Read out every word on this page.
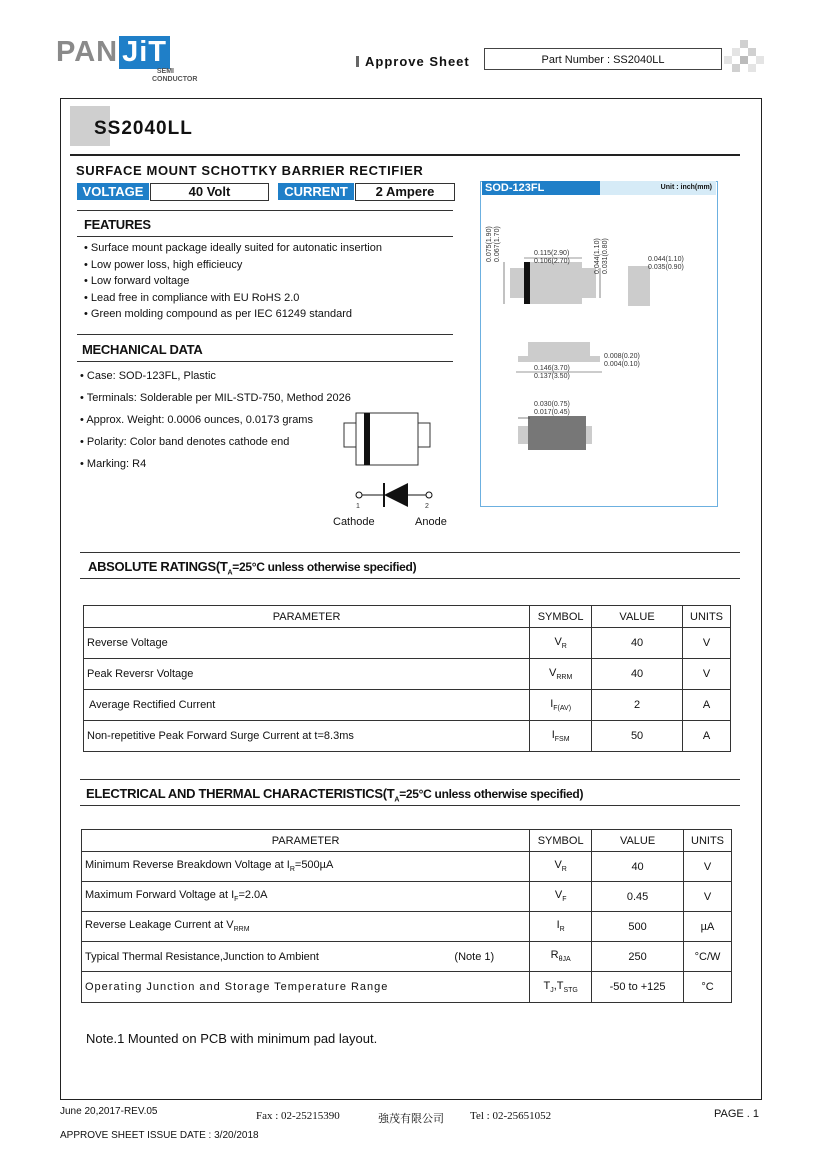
PAN JiT
SEMI CONDUCTOR
Approve Sheet	Part Number : SS2040LL
SS2040LL
SURFACE MOUNT SCHOTTKY BARRIER RECTIFIER
VOLTAGE	40 Volt	CURRENT	2 Ampere
FEATURES
• Surface mount package ideally suited for autonatic insertion
• Low power loss, high efficieucy
• Low forward voltage
• Lead free in compliance with EU RoHS 2.0
• Green molding compound as per IEC 61249 standard
MECHANICAL DATA
• Case: SOD-123FL, Plastic
• Terminals: Solderable per MIL-STD-750, Method 2026
• Approx. Weight: 0.0006 ounces, 0.0173 grams
• Polarity: Color band denotes cathode end
• Marking: R4
1	2
Cathode	Anode
SOD-123FL	Unit : inch(mm)
0.115(2.90)
0.106(2.70)
0.075(1.90) 0.067(1.70)	0.044(1.10) 0.031(0.80)	0.044(1.10)
0.035(0.90)
0.008(0.20)
0.004(0.10)
0.146(3.70)
0.137(3.50)
0.030(0.75)
0.017(0.45)
ABSOLUTE $RATINGS(T_A=25^\circ C$ unless otherwise specified)
PARAMETER	SYMBOL	VALUE	UNITS
Reverse Voltage	$V_R$	40	V
Peak Reversr Voltage	$V_{RRM}$	40	V
Average Rectified Current	$I_{F(AV)}$	2	A
Non-repetitive Peak Forward Surge Current at t=8.3ms	$I_{FSM}$	50	A
ELECTRICAL AND THERMAL $CHARACTERISTICS(T_A=25^\circ C$ unless otherwise specified)
PARAMETER	SYMBOL	VALUE	UNITS
Minimum Reverse Breakdown Voltage at $I_R=500\mu A$	$V_R$	40	V
Maximum Forward Voltage at $I_F=2.0A$	$V_F$	0.45	V
Reverse Leakage Current at $V_{RRM}$	$I_R$	500	µA
Typical Thermal Resistance,Junction to Ambient (Note 1)	$R_{\theta JA}$	250	°C/W
Operating Junction and Storage Temperature Range	$T_J,T_{STG}$	-50 to +125	°C
Note.1 Mounted on PCB with minimum pad layout.
June 20,2017-REV.05	Fax : 02-25215390	強茂有限公司 Tel : 02-25651052	PAGE . 1
APPROVE SHEET ISSUE DATE : 3/20/2018
